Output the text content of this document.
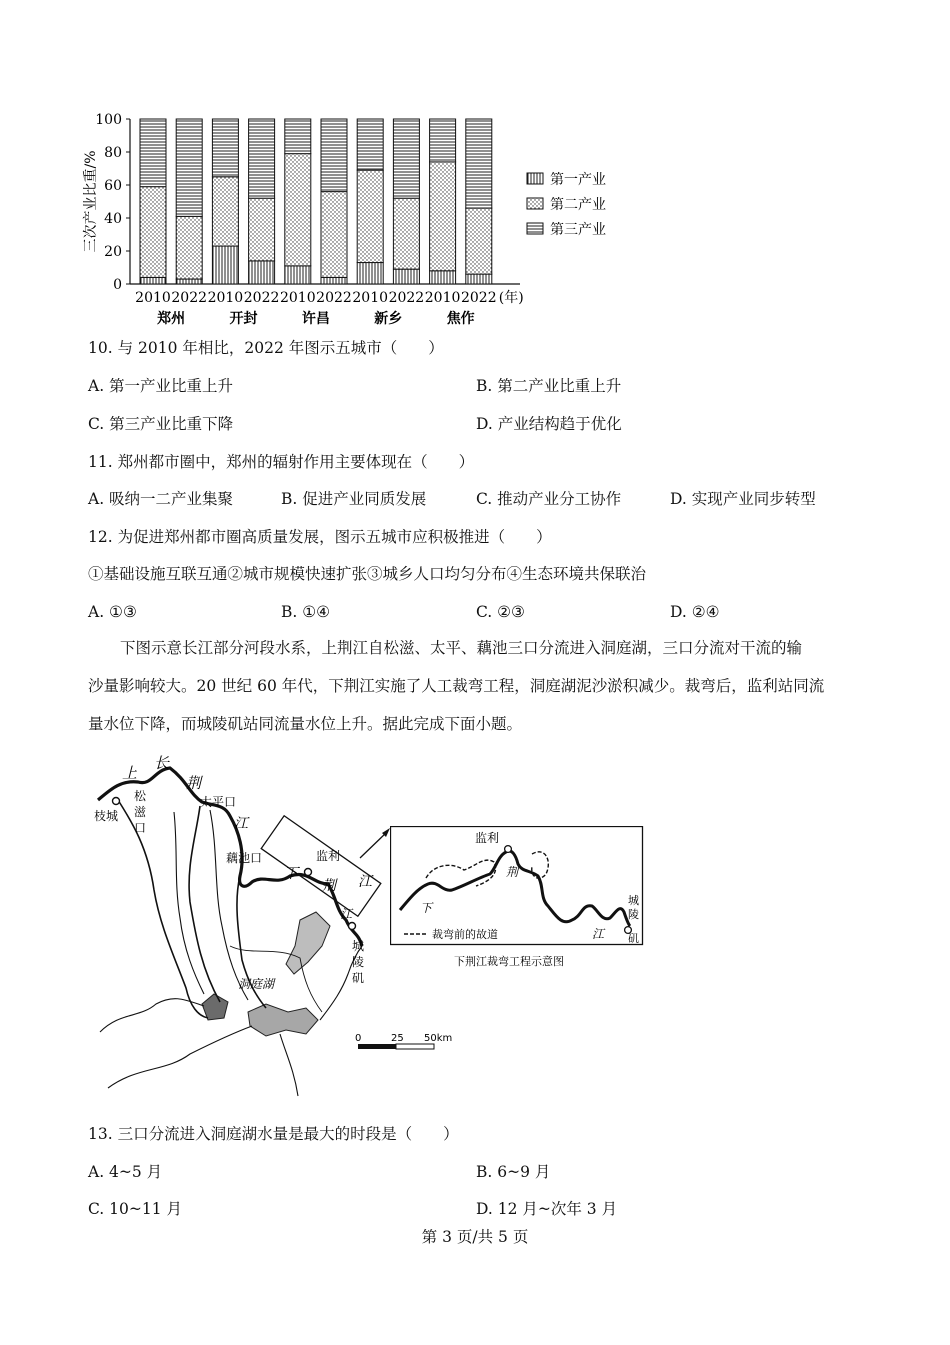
0
20
40
60
80
100
三次产业比重/%
2010 2022 2010 2022 2010 2022 2010 2022 2010 2022 (年)
郑州	开封	许昌	新乡	焦作
第一产业
第二产业
第三产业
10. 与 2010 年相比，2022 年图示五城市（　　）
A. 第一产业比重上升	B. 第二产业比重上升
C. 第三产业比重下降	D. 产业结构趋于优化
11. 郑州都市圈中，郑州的辐射作用主要体现在（　　）
A. 吸纳一二产业集聚	B. 促进产业同质发展	C. 推动产业分工协作	D. 实现产业同步转型
12. 为促进郑州都市圈高质量发展，图示五城市应积极推进（　　）
①基础设施互联互通②城市规模快速扩张③城乡人口均匀分布④生态环境共保联治
A. ①③	B. ①④	C. ②③	D. ②④
下图示意长江部分河段水系，上荆江自松滋、太平、藕池三口分流进入洞庭湖，三口分流对干流的输
沙量影响较大。20 世纪 60 年代，下荆江实施了人工裁弯工程，洞庭湖泥沙淤积减少。裁弯后，监利站同流
量水位下降，而城陵矶站同流量水位上升。据此完成下面小题。
上
长
荆
江
枝城
松
滋
口
太平口
藕池口	监利
下
荆 江
江
城
陵
矶
洞庭湖
0	25 50km
监利
荆
下
江
城
陵
矶
裁弯前的故道
下荆江裁弯工程示意图
13. 三口分流进入洞庭湖水量是最大的时段是（　　）
A. 4~5 月	B. 6~9 月
C. 10~11 月	D. 12 月~次年 3 月
第 3 页/共 5 页
